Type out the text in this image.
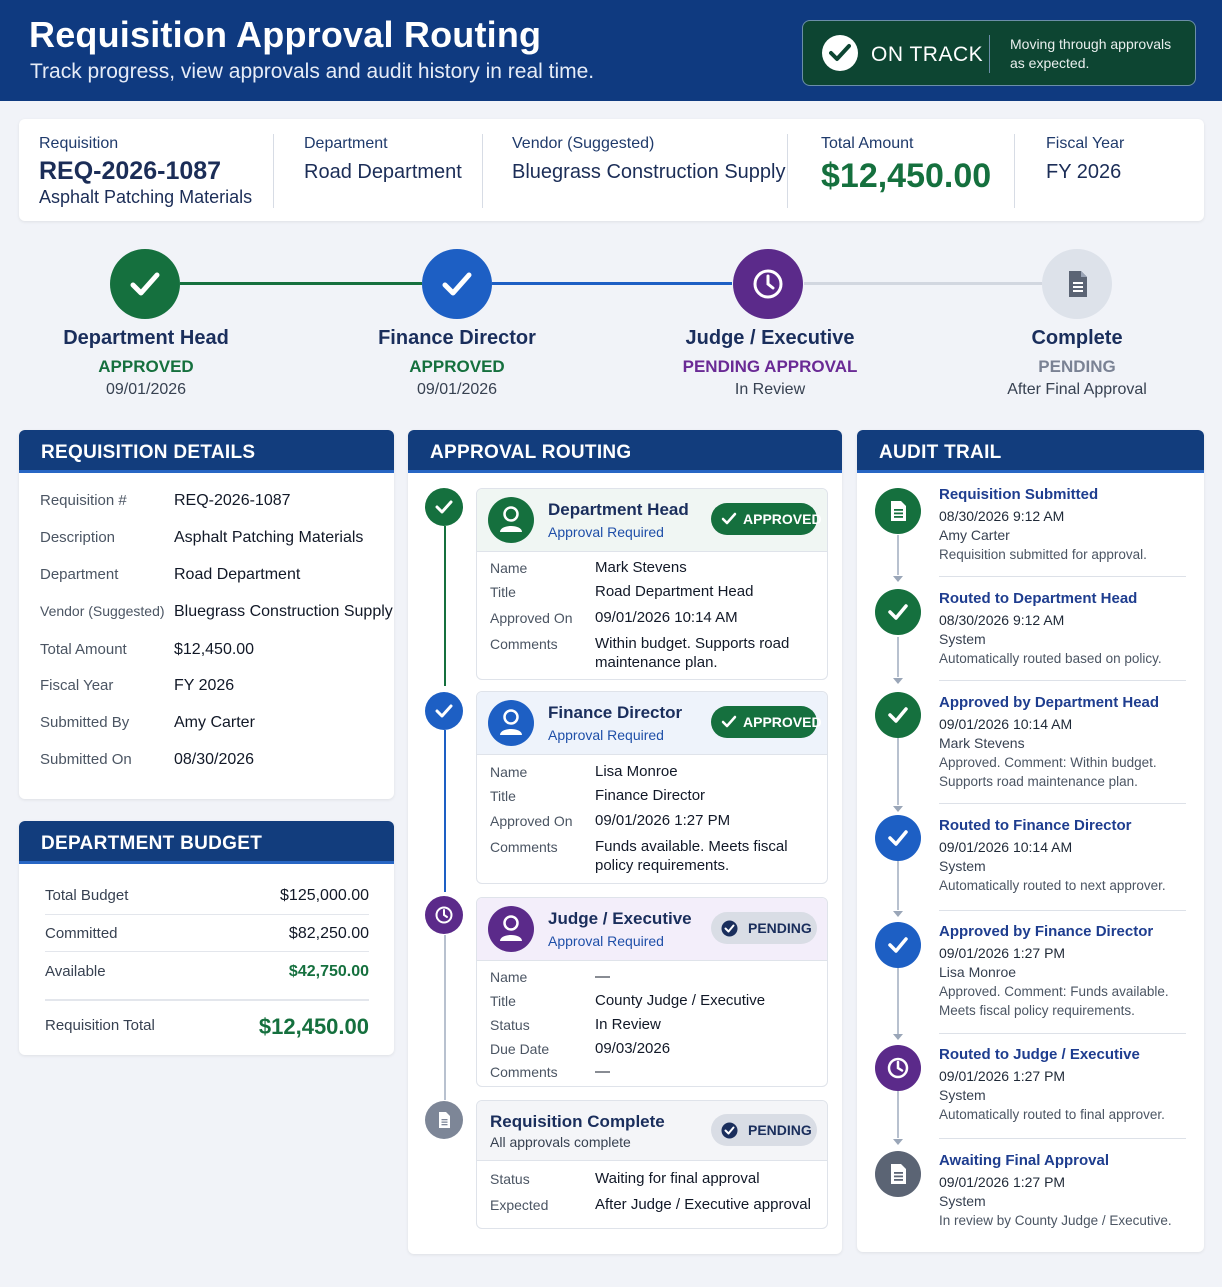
Requisition Approval Routing
Track progress, view approvals and audit history in real time.
ON TRACK Moving through approvals as expected.
Requisition
REQ-2026-1087
Asphalt Patching Materials
Department
Road Department
Vendor (Suggested)
Bluegrass Construction Supply
Total Amount
$12,450.00
Fiscal Year
FY 2026
Department Head
APPROVED
09/01/2026
Finance Director
APPROVED
09/01/2026
Judge / Executive
PENDING APPROVAL
In Review
Complete
PENDING
After Final Approval
REQUISITION DETAILS
Requisition #	REQ-2026-1087
Description	Asphalt Patching Materials
Department	Road Department
Vendor (Suggested) Bluegrass Construction Supply
Total Amount	$12,450.00
Fiscal Year	FY 2026
Submitted By	Amy Carter
Submitted On	08/30/2026
DEPARTMENT BUDGET
Total Budget	$125,000.00
Committed	$82,250.00
Available	$42,750.00
Requisition Total	$12,450.00
APPROVAL ROUTING
Department Head
Approval Required
APPROVED
Name	Mark Stevens
Title	Road Department Head
Approved On 09/01/2026 10:14 AM
Comments Within budget. Supports road
maintenance plan.
Finance Director
Approval Required
APPROVED
Name	Lisa Monroe
Title	Finance Director
Approved On 09/01/2026 1:27 PM
Comments Funds available. Meets fiscal
policy requirements.
Judge / Executive
Approval Required
PENDING
Name	—
Title	County Judge / Executive
Status	In Review
Due Date	09/03/2026
Comments —
Requisition Complete
All approvals complete
PENDING
Status	Waiting for final approval
Expected	After Judge / Executive approval
AUDIT TRAIL
Requisition Submitted
08/30/2026 9:12 AM
Amy Carter
Requisition submitted for approval.
Routed to Department Head
08/30/2026 9:12 AM
System
Automatically routed based on policy.
Approved by Department Head
09/01/2026 10:14 AM
Mark Stevens
Approved. Comment: Within budget.
Supports road maintenance plan.
Routed to Finance Director
09/01/2026 10:14 AM
System
Automatically routed to next approver.
Approved by Finance Director
09/01/2026 1:27 PM
Lisa Monroe
Approved. Comment: Funds available.
Meets fiscal policy requirements.
Routed to Judge / Executive
09/01/2026 1:27 PM
System
Automatically routed to final approver.
Awaiting Final Approval
09/01/2026 1:27 PM
System
In review by County Judge / Executive.
